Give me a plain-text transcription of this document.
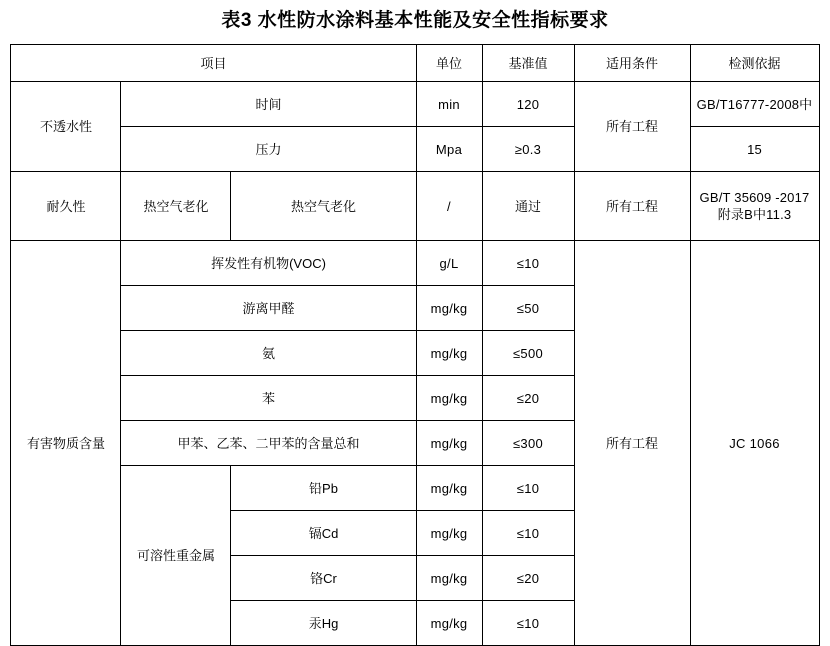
表3 水性防水涂料基本性能及安全性指标要求
项目			单位	基准值	适用条件	检测依据
不透水性	时间		min	120	所有工程	GB/T16777-2008中
	压力		Mpa	≥0.3		15
耐久性	热空气老化	热空气老化	/	通过	所有工程	GB/T 35609 -2017
附录B中11.3

有害物质含量	挥发性有机物(VOC)		g/L	≤10	所有工程	JC 1066
	游离甲醛		mg/kg	≤50		
	氨		mg/kg	≤500		
	苯		mg/kg	≤20		
	甲苯、乙苯、二甲苯的含量总和		mg/kg	≤300		
	可溶性重金属	铅Pb	mg/kg	≤10		
		镉Cd	mg/kg	≤10		
		铬Cr	mg/kg	≤20		
		汞Hg	mg/kg	≤10		
